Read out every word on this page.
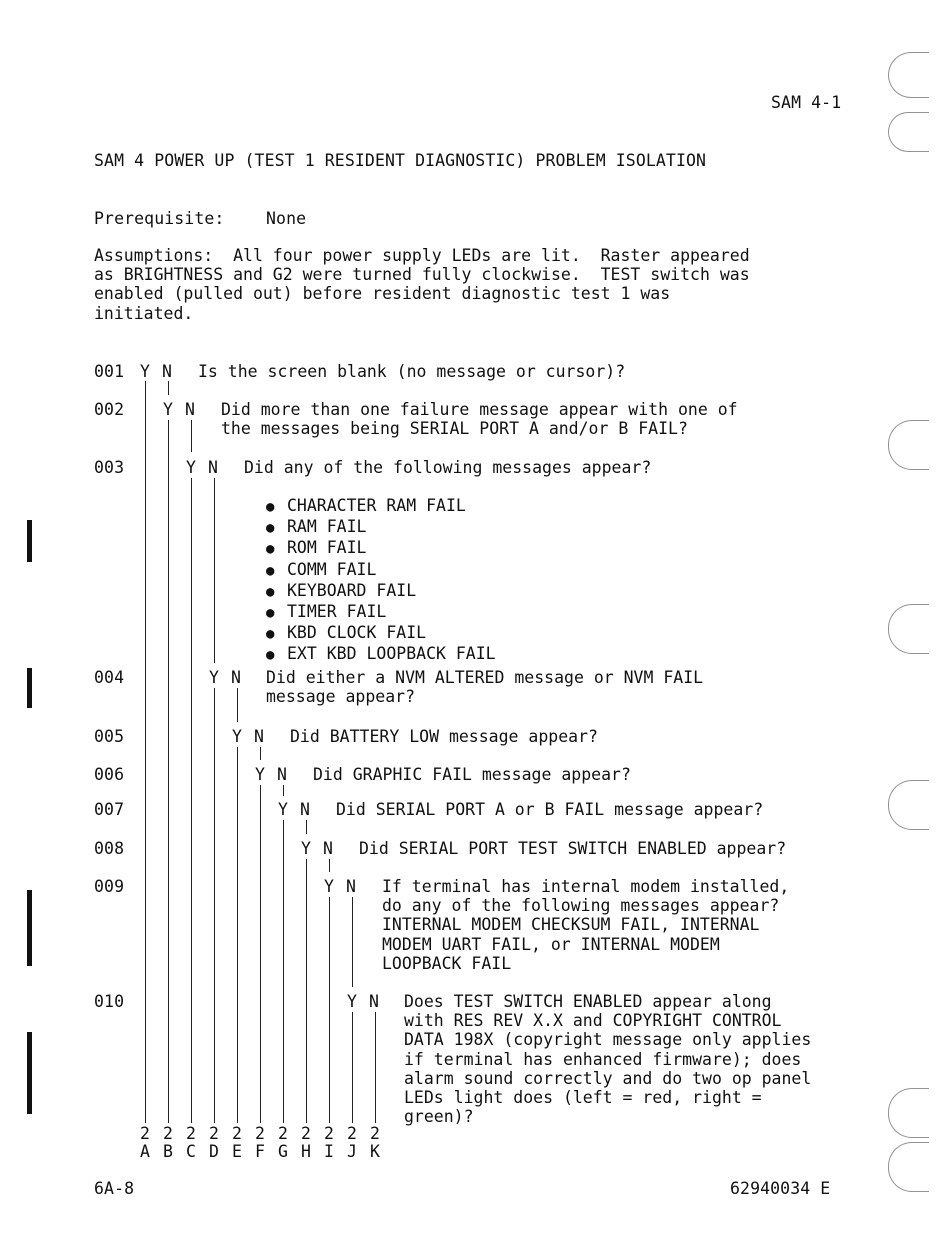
SAM 4-1
SAM 4 POWER UP (TEST 1 RESIDENT DIAGNOSTIC) PROBLEM ISOLATION
Prerequisite:	None
Assumptions:  All four power supply LEDs are lit.  Raster appeared
as BRIGHTNESS and G2 were turned fully clockwise.  TEST switch was
enabled (pulled out) before resident diagnostic test 1 was
initiated.
001
002
003
004
005
006
007
008
009
010
Y N
Y N
Y N
Y N
Y N
Y N
Y N
Y N
Y N
Y N
Is the screen blank (no message or cursor)?
Did more than one failure message appear with one of
the messages being SERIAL PORT A and/or B FAIL?
Did any of the following messages appear?
● CHARACTER RAM FAIL
● RAM FAIL
● ROM FAIL
● COMM FAIL
● KEYBOARD FAIL
● TIMER FAIL
● KBD CLOCK FAIL
● EXT KBD LOOPBACK FAIL
Did either a NVM ALTERED message or NVM FAIL
message appear?
Did BATTERY LOW message appear?
Did GRAPHIC FAIL message appear?
Did SERIAL PORT A or B FAIL message appear?
Did SERIAL PORT TEST SWITCH ENABLED appear?
If terminal has internal modem installed,
do any of the following messages appear?
INTERNAL MODEM CHECKSUM FAIL, INTERNAL
MODEM UART FAIL, or INTERNAL MODEM
LOOPBACK FAIL
Does TEST SWITCH ENABLED appear along
with RES REV X.X and COPYRIGHT CONTROL
DATA 198X (copyright message only applies
if terminal has enhanced firmware); does
alarm sound correctly and do two op panel
LEDs light does (left = red, right =
green)?
2 2 2 2 2 2 2 2 2 2 2
A B C D E F G H I J K
6A-8	62940034 E
